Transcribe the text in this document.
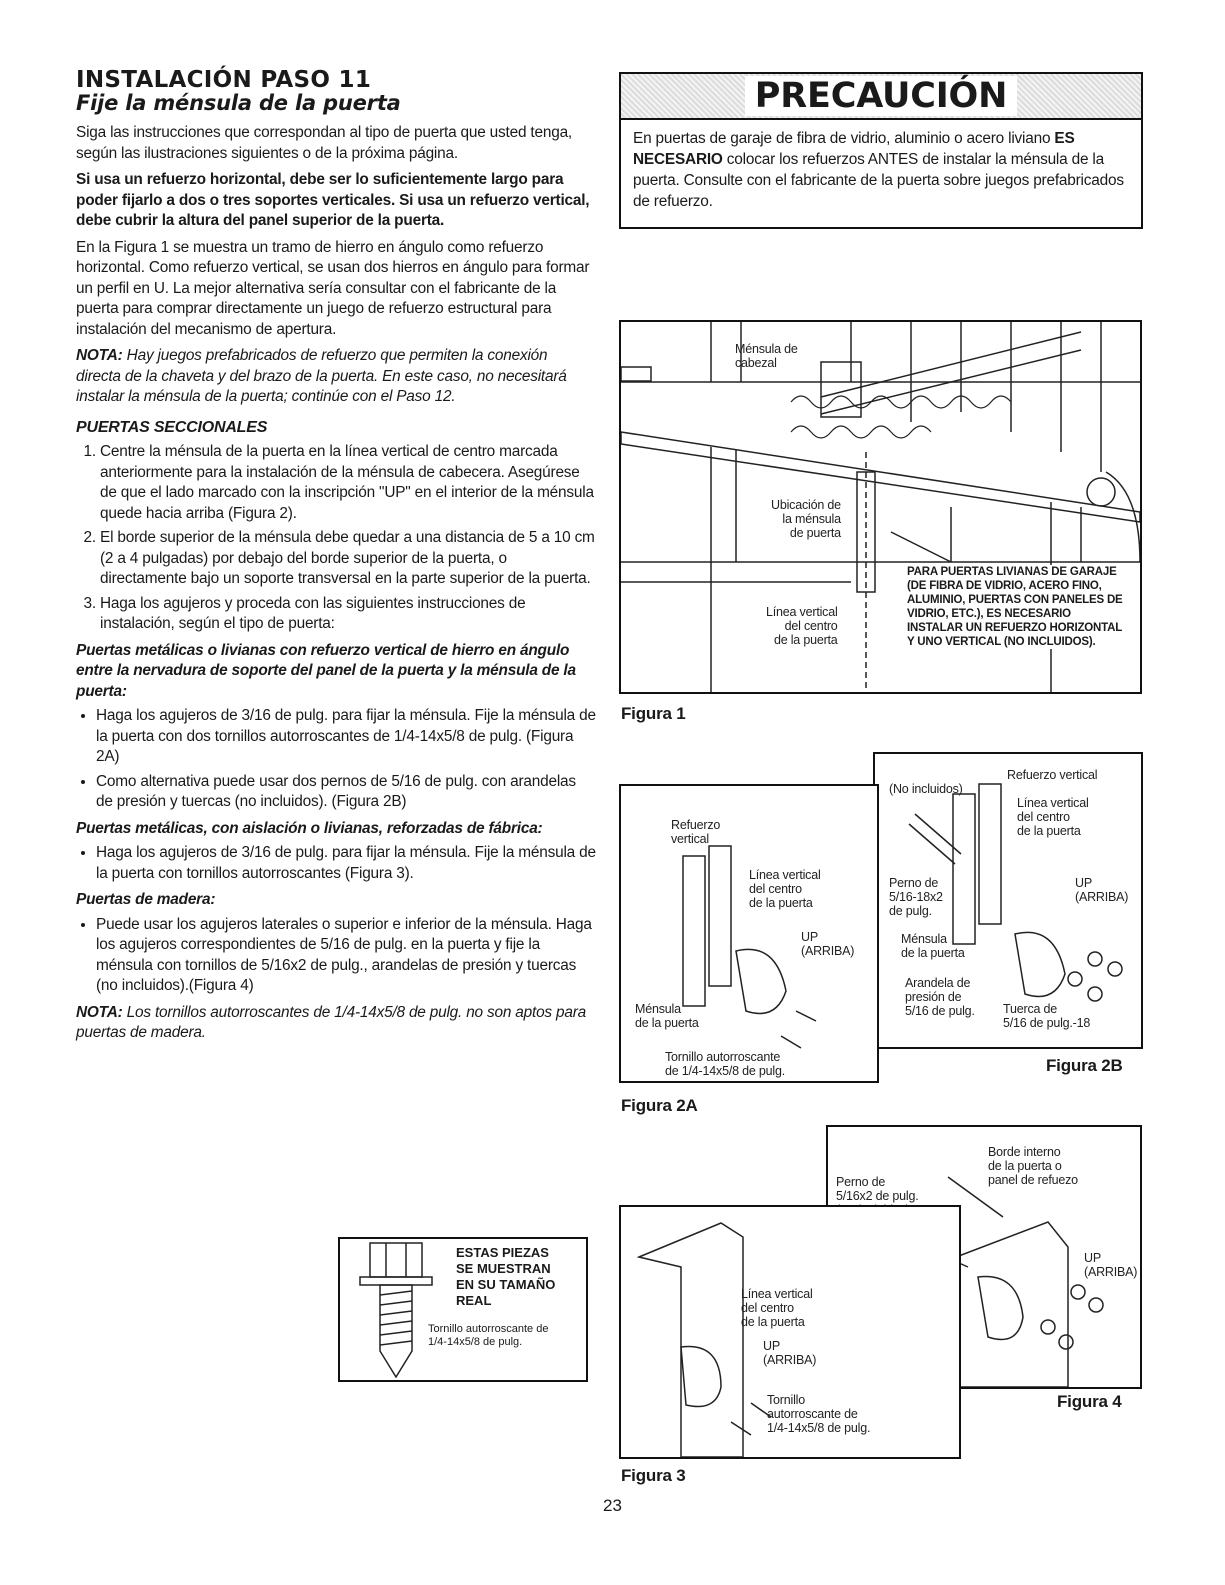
INSTALACIÓN PASO 11
Fije la ménsula de la puerta

Siga las instrucciones que correspondan al tipo de puerta que usted tenga, según las ilustraciones siguientes o de la próxima página.

Si usa un refuerzo horizontal, debe ser lo suficientemente largo para poder fijarlo a dos o tres soportes verticales. Si usa un refuerzo vertical, debe cubrir la altura del panel superior de la puerta.

En la Figura 1 se muestra un tramo de hierro en ángulo como refuerzo horizontal. Como refuerzo vertical, se usan dos hierros en ángulo para formar un perfil en U. La mejor alternativa sería consultar con el fabricante de la puerta para comprar directamente un juego de refuerzo estructural para instalación del mecanismo de apertura.

NOTA: Hay juegos prefabricados de refuerzo que permiten la conexión directa de la chaveta y del brazo de la puerta. En este caso, no necesitará instalar la ménsula de la puerta; continúe con el Paso 12.

PUERTAS SECCIONALES
1. Centre la ménsula de la puerta en la línea vertical de centro marcada anteriormente para la instalación de la ménsula de cabecera. Asegúrese de que el lado marcado con la inscripción "UP" en el interior de la ménsula quede hacia arriba (Figura 2).
2. El borde superior de la ménsula debe quedar a una distancia de 5 a 10 cm (2 a 4 pulgadas) por debajo del borde superior de la puerta, o directamente bajo un soporte transversal en la parte superior de la puerta.
3. Haga los agujeros y proceda con las siguientes instrucciones de instalación, según el tipo de puerta:
Puertas metálicas o livianas con refuerzo vertical de hierro en ángulo entre la nervadura de soporte del panel de la puerta y la ménsula de la puerta:
• Haga los agujeros de 3/16 de pulg. para fijar la ménsula. Fije la ménsula de la puerta con dos tornillos autorroscantes de 1/4-14x5/8 de pulg. (Figura 2A)
• Como alternativa puede usar dos pernos de 5/16 de pulg. con arandelas de presión y tuercas (no incluidos). (Figura 2B)
Puertas metálicas, con aislación o livianas, reforzadas de fábrica:
• Haga los agujeros de 3/16 de pulg. para fijar la ménsula. Fije la ménsula de la puerta con tornillos autorroscantes (Figura 3).
Puertas de madera:
• Puede usar los agujeros laterales o superior e inferior de la ménsula. Haga los agujeros correspondientes de 5/16 de pulg. en la puerta y fije la ménsula con tornillos de 5/16x2 de pulg., arandelas de presión y tuercas (no incluidos).(Figura 4)

NOTA: Los tornillos autorroscantes de 1/4-14x5/8 de pulg. no son aptos para puertas de madera.

PRECAUCIÓN
En puertas de garaje de fibra de vidrio, aluminio o acero liviano ES NECESARIO colocar los refuerzos ANTES de instalar la ménsula de la puerta. Consulte con el fabricante de la puerta sobre juegos prefabricados de refuerzo.
Ménsula de
cabezal
Ubicación de
la ménsula
de puerta
Línea vertical
del centro
de la puerta
PARA PUERTAS LIVIANAS DE GARAJE (DE FIBRA DE VIDRIO, ACERO FINO, ALUMINIO, PUERTAS CON PANELES DE VIDRIO, ETC.), ES NECESARIO INSTALAR UN REFUERZO HORIZONTAL Y UNO VERTICAL (NO INCLUIDOS).
Figura 1
Refuerzo vertical
(No incluidos)
Línea vertical
del centro
de la puerta
Perno de
5/16-18x2
de pulg.
UP
(ARRIBA)
Ménsula
de la puerta
Arandela de
presión de
5/16 de pulg. Tuerca de
5/16 de pulg.-18
Figura 2B
Refuerzo
vertical
Línea vertical
del centro
de la puerta
UP
(ARRIBA)
Ménsula
de la puerta
Tornillo autorroscante
de 1/4-14x5/8 de pulg.
Figura 2A
Borde interno
de la puerta o
panel de refuezo
Perno de
5/16x2 de pulg.
UP
(ARRIBA)
Figura 4
Línea vertical
del centro
de la puerta
UP
(ARRIBA)
Tornillo
autorroscante de
1/4-14x5/8 de pulg.
Figura 3
ESTAS PIEZAS
SE MUESTRAN
EN SU TAMAÑO
REAL
Tornillo autorroscante de
1/4-14x5/8 de pulg.
23
